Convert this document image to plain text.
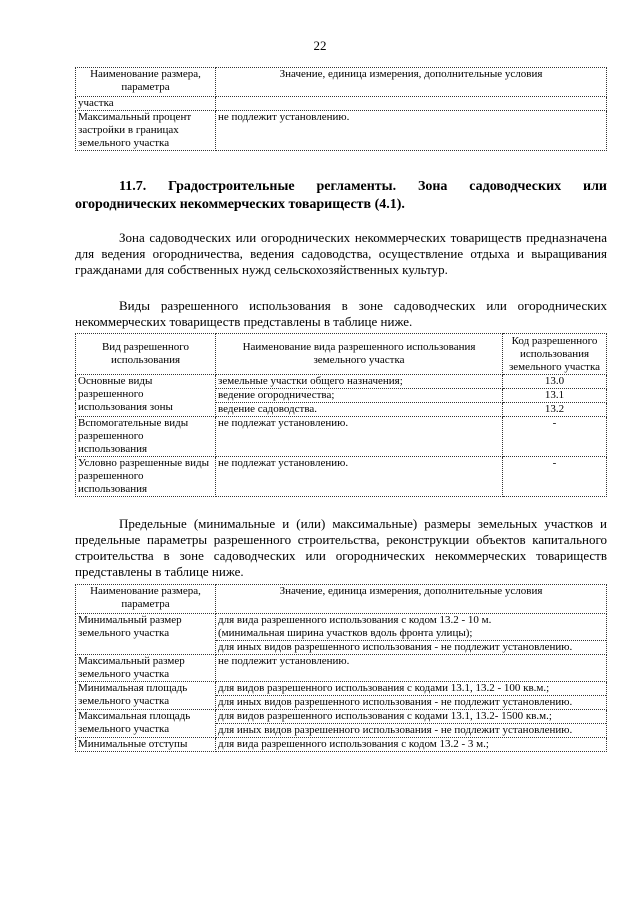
22
Наименование размера, параметра	Значение, единица измерения, дополнительные условия
участка	
Максимальный процент застройки в границах земельного участка	не подлежит установлению.
11.7. Градостроительные регламенты. Зона садоводческих или
огороднических некоммерческих товариществ (4.1).
Зона садоводческих или огороднических некоммерческих товариществ предназначена для ведения огородничества, ведения садоводства, осуществление отдыха и выращивания гражданами для собственных нужд сельскохозяйственных культур.
Виды разрешенного использования в зоне садоводческих или огороднических некоммерческих товариществ представлены в таблице ниже.
Вид разрешенного использования	Наименование вида разрешенного использования земельного участка	Код разрешенного использования земельного участка
Основные виды разрешенного использования зоны	земельные участки общего назначения;	13.0
	ведение огородничества;	13.1
	ведение садоводства.	13.2
Вспомогательные виды разрешенного использования	не подлежат установлению.	-
Условно разрешенные виды разрешенного использования	не подлежат установлению.	-
Предельные (минимальные и (или) максимальные) размеры земельных участков и предельные параметры разрешенного строительства, реконструкции объектов капитального строительства в зоне садоводческих или огороднических некоммерческих товариществ представлены в таблице ниже.
Наименование размера, параметра	Значение, единица измерения, дополнительные условия
Минимальный размер земельного участка	для вида разрешенного использования с кодом 13.2 - 10 м.
(минимальная ширина участков вдоль фронта улицы);
для иных видов разрешенного использования - не подлежит установлению.

Максимальный размер земельного участка	не подлежит установлению.

Минимальная площадь земельного участка	для видов разрешенного использования с кодами 13.1, 13.2 - 100 кв.м.;
для иных видов разрешенного использования - не подлежит установлению.

Максимальная площадь земельного участка	для видов разрешенного использования с кодами 13.1, 13.2- 1500 кв.м.;
для иных видов разрешенного использования - не подлежит установлению.

Минимальные отступы	для вида разрешенного использования с кодом 13.2 - 3 м.;
